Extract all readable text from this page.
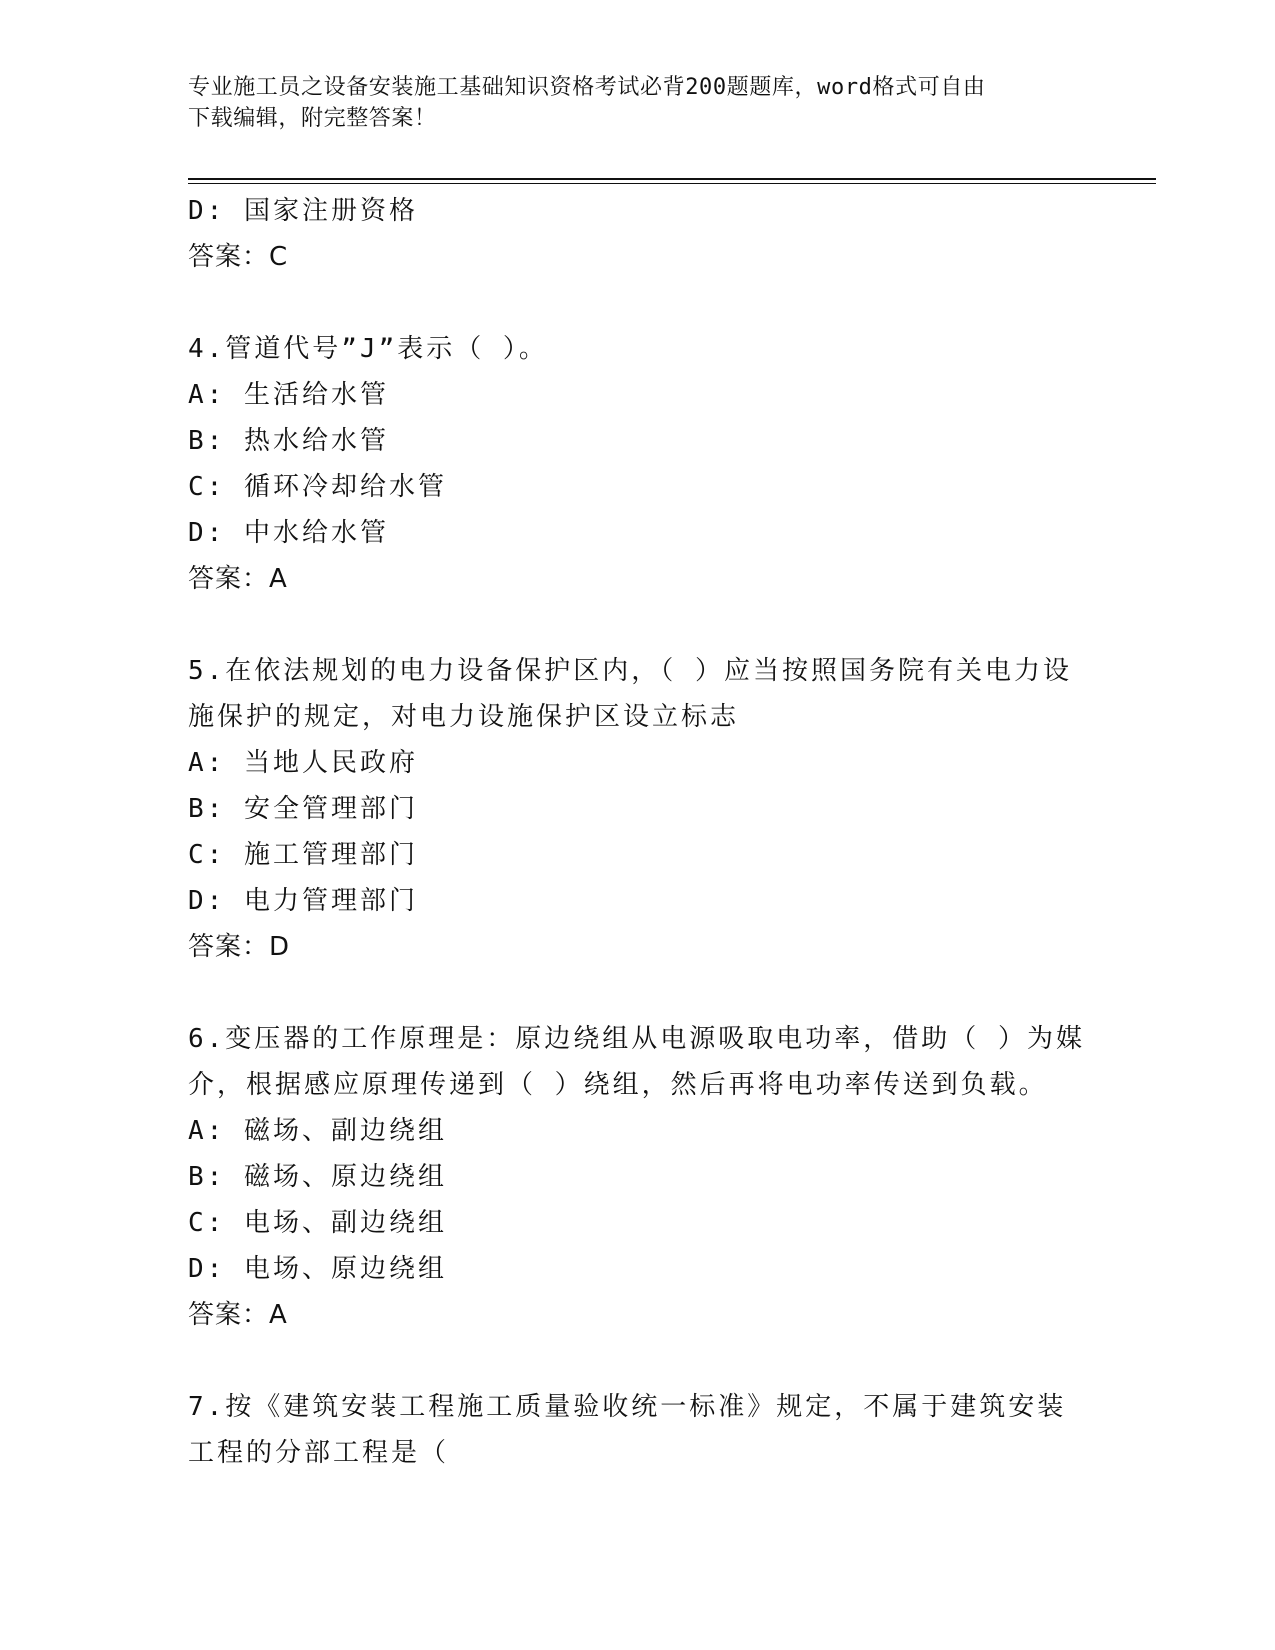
专业施工员之设备安装施工基础知识资格考试必背200题题库，word格式可自由
下载编辑，附完整答案！
D: 国家注册资格
答案：C
4.管道代号”J”表示（ ）。
A: 生活给水管
B: 热水给水管
C: 循环冷却给水管
D: 中水给水管
答案：A
5.在依法规划的电力设备保护区内，（ ）应当按照国务院有关电力设
施保护的规定，对电力设施保护区设立标志
A: 当地人民政府
B: 安全管理部门
C: 施工管理部门
D: 电力管理部门
答案：D
6.变压器的工作原理是：原边绕组从电源吸取电功率，借助（ ）为媒
介，根据感应原理传递到（ ）绕组，然后再将电功率传送到负载。
A: 磁场、副边绕组
B: 磁场、原边绕组
C: 电场、副边绕组
D: 电场、原边绕组
答案：A
7.按《建筑安装工程施工质量验收统一标准》规定，不属于建筑安装
工程的分部工程是（
